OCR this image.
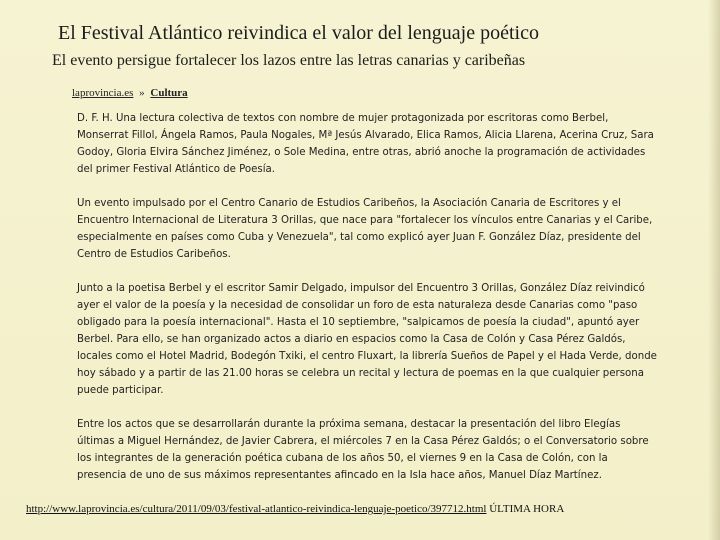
El Festival Atlántico reivindica el valor del lenguaje poético
El evento persigue fortalecer los lazos entre las letras canarias y caribeñas
laprovincia.es » Cultura

D. F. H. Una lectura colectiva de textos con nombre de mujer protagonizada por escritoras como Berbel, Monserrat Fillol, Ángela Ramos, Paula Nogales, Mª Jesús Alvarado, Elica Ramos, Alicia Llarena, Acerina Cruz, Sara Godoy, Gloria Elvira Sánchez Jiménez, o Sole Medina, entre otras, abrió anoche la programación de actividades del primer Festival Atlántico de Poesía.

Un evento impulsado por el Centro Canario de Estudios Caribeños, la Asociación Canaria de Escritores y el Encuentro Internacional de Literatura 3 Orillas, que nace para "fortalecer los vínculos entre Canarias y el Caribe, especialmente en países como Cuba y Venezuela", tal como explicó ayer Juan F. González Díaz, presidente del Centro de Estudios Caribeños.

Junto a la poetisa Berbel y el escritor Samir Delgado, impulsor del Encuentro 3 Orillas, González Díaz reivindicó ayer el valor de la poesía y la necesidad de consolidar un foro de esta naturaleza desde Canarias como "paso obligado para la poesía internacional". Hasta el 10 septiembre, "salpicamos de poesía la ciudad", apuntó ayer Berbel. Para ello, se han organizado actos a diario en espacios como la Casa de Colón y Casa Pérez Galdós, locales como el Hotel Madrid, Bodegón Txiki, el centro Fluxart, la librería Sueños de Papel y el Hada Verde, donde hoy sábado y a partir de las 21.00 horas se celebra un recital y lectura de poemas en la que cualquier persona puede participar.

Entre los actos que se desarrollarán durante la próxima semana, destacar la presentación del libro Elegías últimas a Miguel Hernández, de Javier Cabrera, el miércoles 7 en la Casa Pérez Galdós; o el Conversatorio sobre los integrantes de la generación poética cubana de los años 50, el viernes 9 en la Casa de Colón, con la presencia de uno de sus máximos representantes afincado en la Isla hace años, Manuel Díaz Martínez.

http://www.laprovincia.es/cultura/2011/09/03/festival-atlantico-reivindica-lenguaje-poetico/397712.html ÚLTIMA HORA
